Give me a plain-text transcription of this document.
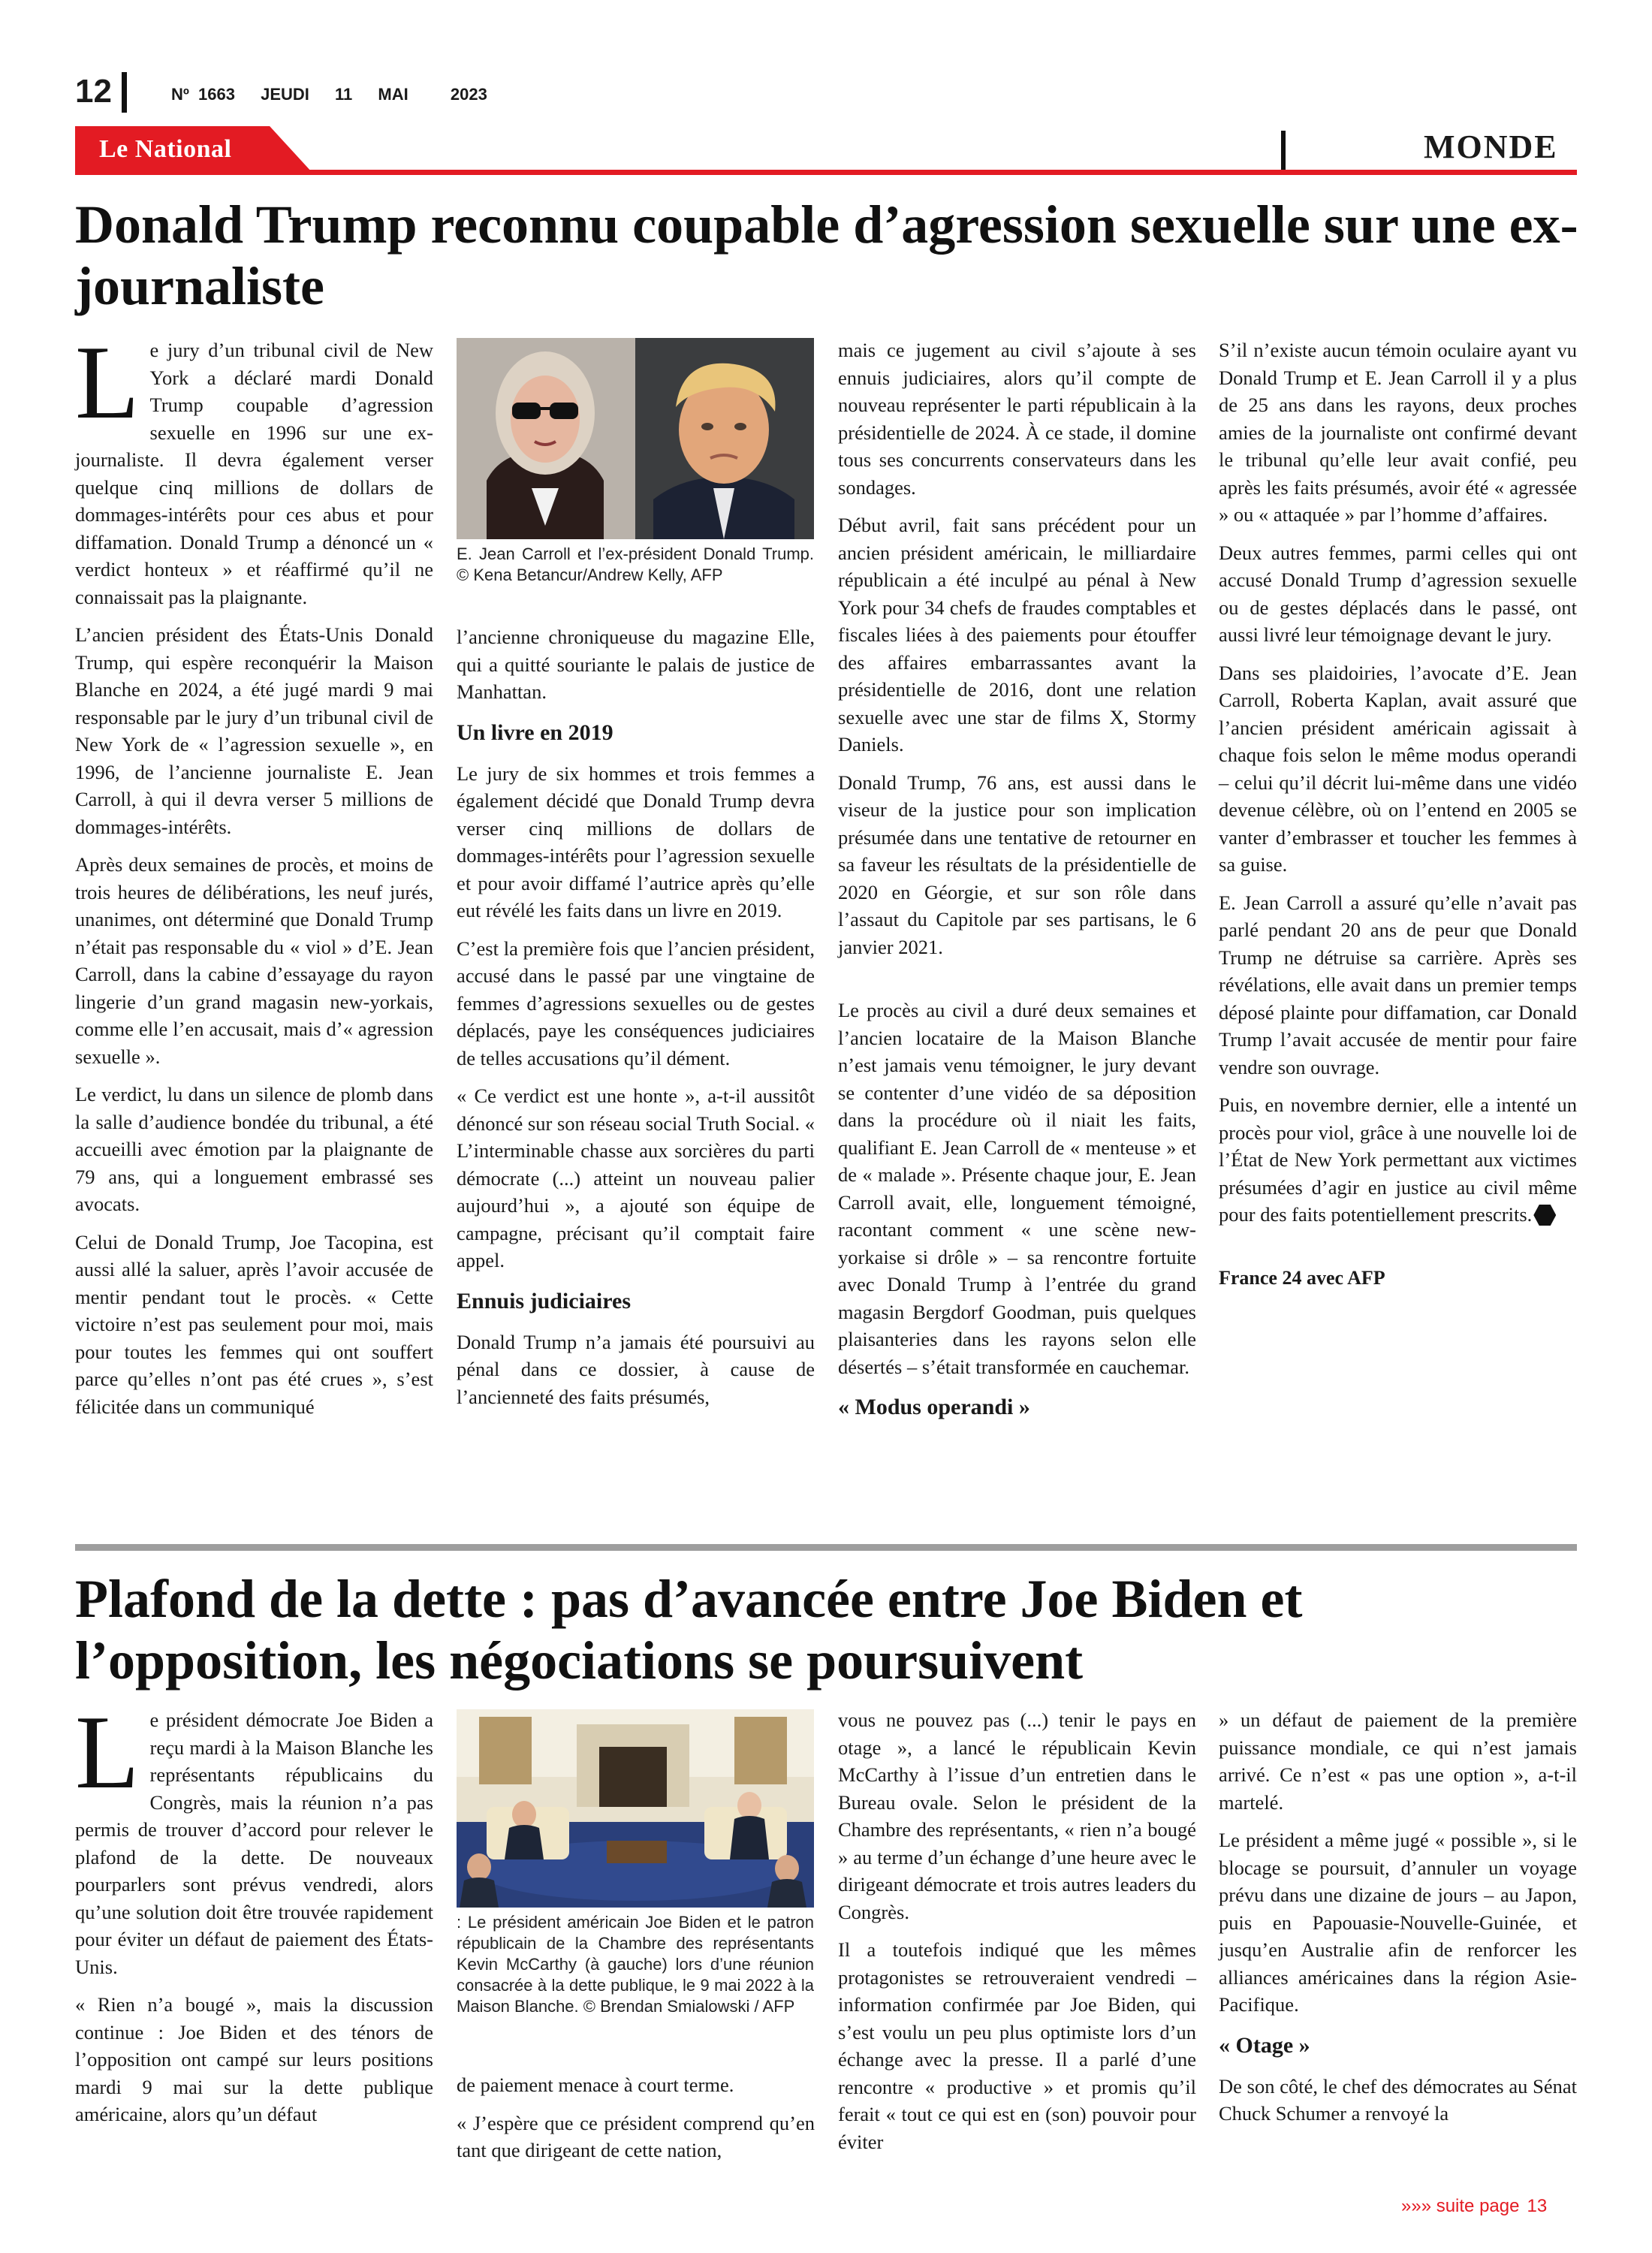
12	Nº 1663 JEUDI 11 MAI	2023
Le National	MONDE
Donald Trump reconnu coupable d’agression sexuelle sur une ex-journaliste

Le jury d’un tribunal civil de New York a déclaré mardi Donald Trump coupable d’agression sexuelle en 1996 sur une ex-journaliste. Il devra également verser quelque cinq millions de dollars de dommages-intérêts pour ces abus et pour diffamation. Donald Trump a dénoncé un « verdict honteux » et réaffirmé qu’il ne connaissait pas la plaignante.

L’ancien président des États-Unis Donald Trump, qui espère reconquérir la Maison Blanche en 2024, a été jugé mardi 9 mai responsable par le jury d’un tribunal civil de New York de « l’agression sexuelle », en 1996, de l’ancienne journaliste E. Jean Carroll, à qui il devra verser 5 millions de dommages-intérêts.

Après deux semaines de procès, et moins de trois heures de délibérations, les neuf jurés, unanimes, ont déterminé que Donald Trump n’était pas responsable du « viol » d’E. Jean Carroll, dans la cabine d’essayage du rayon lingerie d’un grand magasin new-yorkais, comme elle l’en accusait, mais d’« agression sexuelle ».

Le verdict, lu dans un silence de plomb dans la salle d’audience bondée du tribunal, a été accueilli avec émotion par la plaignante de 79 ans, qui a longuement embrassé ses avocats.

Celui de Donald Trump, Joe Tacopina, est aussi allé la saluer, après l’avoir accusée de mentir pendant tout le procès. « Cette victoire n’est pas seulement pour moi, mais pour toutes les femmes qui ont souffert parce qu’elles n’ont pas été crues », s’est félicitée dans un communiqué

E. Jean Carroll et l’ex-président Donald Trump. © Kena Betancur/Andrew Kelly, AFP

l’ancienne chroniqueuse du magazine Elle, qui a quitté souriante le palais de justice de Manhattan.

Un livre en 2019

Le jury de six hommes et trois femmes a également décidé que Donald Trump devra verser cinq millions de dollars de dommages-intérêts pour l’agression sexuelle et pour avoir diffamé l’autrice après qu’elle eut révélé les faits dans un livre en 2019.

C’est la première fois que l’ancien président, accusé dans le passé par une vingtaine de femmes d’agressions sexuelles ou de gestes déplacés, paye les conséquences judiciaires de telles accusations qu’il dément.

« Ce verdict est une honte », a-t-il aussitôt dénoncé sur son réseau social Truth Social. « L’interminable chasse aux sorcières du parti démocrate (...) atteint un nouveau palier aujourd’hui », a ajouté son équipe de campagne, précisant qu’il comptait faire appel.

Ennuis judiciaires

Donald Trump n’a jamais été poursuivi au pénal dans ce dossier, à cause de l’ancienneté des faits présumés,

mais ce jugement au civil s’ajoute à ses ennuis judiciaires, alors qu’il compte de nouveau représenter le parti républicain à la présidentielle de 2024. À ce stade, il domine tous ses concurrents conservateurs dans les sondages.

Début avril, fait sans précédent pour un ancien président américain, le milliardaire républicain a été inculpé au pénal à New York pour 34 chefs de fraudes comptables et fiscales liées à des paiements pour étouffer des affaires embarrassantes avant la présidentielle de 2016, dont une relation sexuelle avec une star de films X, Stormy Daniels.

Donald Trump, 76 ans, est aussi dans le viseur de la justice pour son implication présumée dans une tentative de retourner en sa faveur les résultats de la présidentielle de 2020 en Géorgie, et sur son rôle dans l’assaut du Capitole par ses partisans, le 6 janvier 2021.

Le procès au civil a duré deux semaines et l’ancien locataire de la Maison Blanche n’est jamais venu témoigner, le jury devant se contenter d’une vidéo de sa déposition dans la procédure où il niait les faits, qualifiant E. Jean Carroll de « menteuse » et de « malade ». Présente chaque jour, E. Jean Carroll avait, elle, longuement témoigné, racontant comment « une scène new-yorkaise si drôle » – sa rencontre fortuite avec Donald Trump à l’entrée du grand magasin Bergdorf Goodman, puis quelques plaisanteries dans les rayons selon elle désertés – s’était transformée en cauchemar.

« Modus operandi »

S’il n’existe aucun témoin oculaire ayant vu Donald Trump et E. Jean Carroll il y a plus de 25 ans dans les rayons, deux proches amies de la journaliste ont confirmé devant le tribunal qu’elle leur avait confié, peu après les faits présumés, avoir été « agressée » ou « attaquée » par l’homme d’affaires.

Deux autres femmes, parmi celles qui ont accusé Donald Trump d’agression sexuelle ou de gestes déplacés dans le passé, ont aussi livré leur témoignage devant le jury.

Dans ses plaidoiries, l’avocate d’E. Jean Carroll, Roberta Kaplan, avait assuré que l’ancien président américain agissait à chaque fois selon le même modus operandi – celui qu’il décrit lui-même dans une vidéo devenue célèbre, où on l’entend en 2005 se vanter d’embrasser et toucher les femmes à sa guise.

E. Jean Carroll a assuré qu’elle n’avait pas parlé pendant 20 ans de peur que Donald Trump ne détruise sa carrière. Après ses révélations, elle avait dans un premier temps déposé plainte pour diffamation, car Donald Trump l’avait accusée de mentir pour faire vendre son ouvrage.

Puis, en novembre dernier, elle a intenté un procès pour viol, grâce à une nouvelle loi de l’État de New York permettant aux victimes présumées d’agir en justice au civil même pour des faits potentiellement prescrits.

France 24 avec AFP
Plafond de la dette : pas d’avancée entre Joe Biden et l’opposition, les négociations se poursuivent

Le président démocrate Joe Biden a reçu mardi à la Maison Blanche les représentants républicains du Congrès, mais la réunion n’a pas permis de trouver d’accord pour relever le plafond de la dette. De nouveaux pourparlers sont prévus vendredi, alors qu’une solution doit être trouvée rapidement pour éviter un défaut de paiement des États-Unis.

« Rien n’a bougé », mais la discussion continue : Joe Biden et des ténors de l’opposition ont campé sur leurs positions mardi 9 mai sur la dette publique américaine, alors qu’un défaut

: Le président américain Joe Biden et le patron républicain de la Chambre des représentants Kevin McCarthy (à gauche) lors d’une réunion consacrée à la dette publique, le 9 mai 2022 à la Maison Blanche. © Brendan Smialowski / AFP

de paiement menace à court terme.

« J’espère que ce président comprend qu’en tant que dirigeant de cette nation,

vous ne pouvez pas (...) tenir le pays en otage », a lancé le républicain Kevin McCarthy à l’issue d’un entretien dans le Bureau ovale. Selon le président de la Chambre des représentants, « rien n’a bougé » au terme d’un échange d’une heure avec le dirigeant démocrate et trois autres leaders du Congrès.

Il a toutefois indiqué que les mêmes protagonistes se retrouveraient vendredi – information confirmée par Joe Biden, qui s’est voulu un peu plus optimiste lors d’un échange avec la presse. Il a parlé d’une rencontre « productive » et promis qu’il ferait « tout ce qui est en (son) pouvoir pour éviter

» un défaut de paiement de la première puissance mondiale, ce qui n’est jamais arrivé. Ce n’est « pas une option », a-t-il martelé.

Le président a même jugé « possible », si le blocage se poursuit, d’annuler un voyage prévu dans une dizaine de jours – au Japon, puis en Papouasie-Nouvelle-Guinée, et jusqu’en Australie afin de renforcer les alliances américaines dans la région Asie-Pacifique.

« Otage »

De son côté, le chef des démocrates au Sénat Chuck Schumer a renvoyé la

»»» suite page 13
